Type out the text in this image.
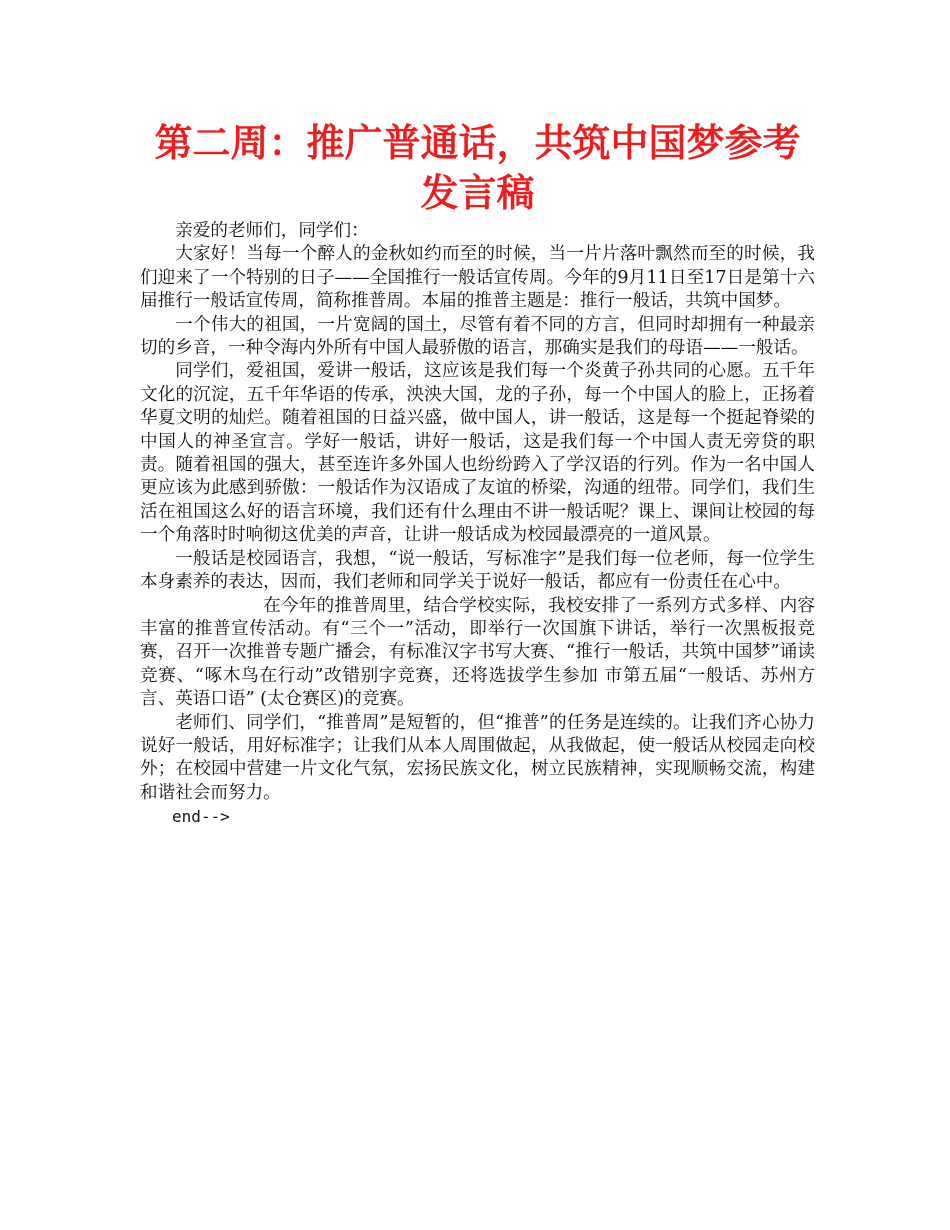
第二周：推广普通话，共筑中国梦参考发言稿

亲爱的老师们，同学们：

大家好！当每一个醉人的金秋如约而至的时候，当一片片落叶飘然而至的时候，我们迎来了一个特别的日子——全国推行一般话宣传周。今年的9月11日至17日是第十六届推行一般话宣传周，简称推普周。本届的推普主题是：推行一般话，共筑中国梦。

一个伟大的祖国，一片宽阔的国土，尽管有着不同的方言，但同时却拥有一种最亲切的乡音，一种令海内外所有中国人最骄傲的语言，那确实是我们的母语——一般话。

同学们，爱祖国，爱讲一般话，这应该是我们每一个炎黄子孙共同的心愿。五千年文化的沉淀，五千年华语的传承，泱泱大国，龙的子孙，每一个中国人的脸上，正扬着华夏文明的灿烂。随着祖国的日益兴盛，做中国人，讲一般话，这是每一个挺起脊梁的中国人的神圣宣言。学好一般话，讲好一般话，这是我们每一个中国人责无旁贷的职责。随着祖国的强大，甚至连许多外国人也纷纷跨入了学汉语的行列。作为一名中国人更应该为此感到骄傲：一般话作为汉语成了友谊的桥梁，沟通的纽带。同学们，我们生活在祖国这么好的语言环境，我们还有什么理由不讲一般话呢？课上、课间让校园的每一个角落时时响彻这优美的声音，让讲一般话成为校园最漂亮的一道风景。

一般话是校园语言，我想，“说一般话，写标准字”是我们每一位老师，每一位学生本身素养的表达，因而，我们老师和同学关于说好一般话，都应有一份责任在心中。

在今年的推普周里，结合学校实际，我校安排了一系列方式多样、内容丰富的推普宣传活动。有“三个一”活动，即举行一次国旗下讲话，举行一次黑板报竞赛，召开一次推普专题广播会，有标准汉字书写大赛、“推行一般话，共筑中国梦”诵读竞赛、“啄木鸟在行动”改错别字竞赛，还将选拔学生参加 市第五届“一般话、苏州方言、英语口语” (太仓赛区)的竞赛。

老师们、同学们，“推普周”是短暂的，但“推普”的任务是连续的。让我们齐心协力说好一般话，用好标准字；让我们从本人周围做起，从我做起，使一般话从校园走向校外；在校园中营建一片文化气氛，宏扬民族文化，树立民族精神，实现顺畅交流，构建和谐社会而努力。

end-->
